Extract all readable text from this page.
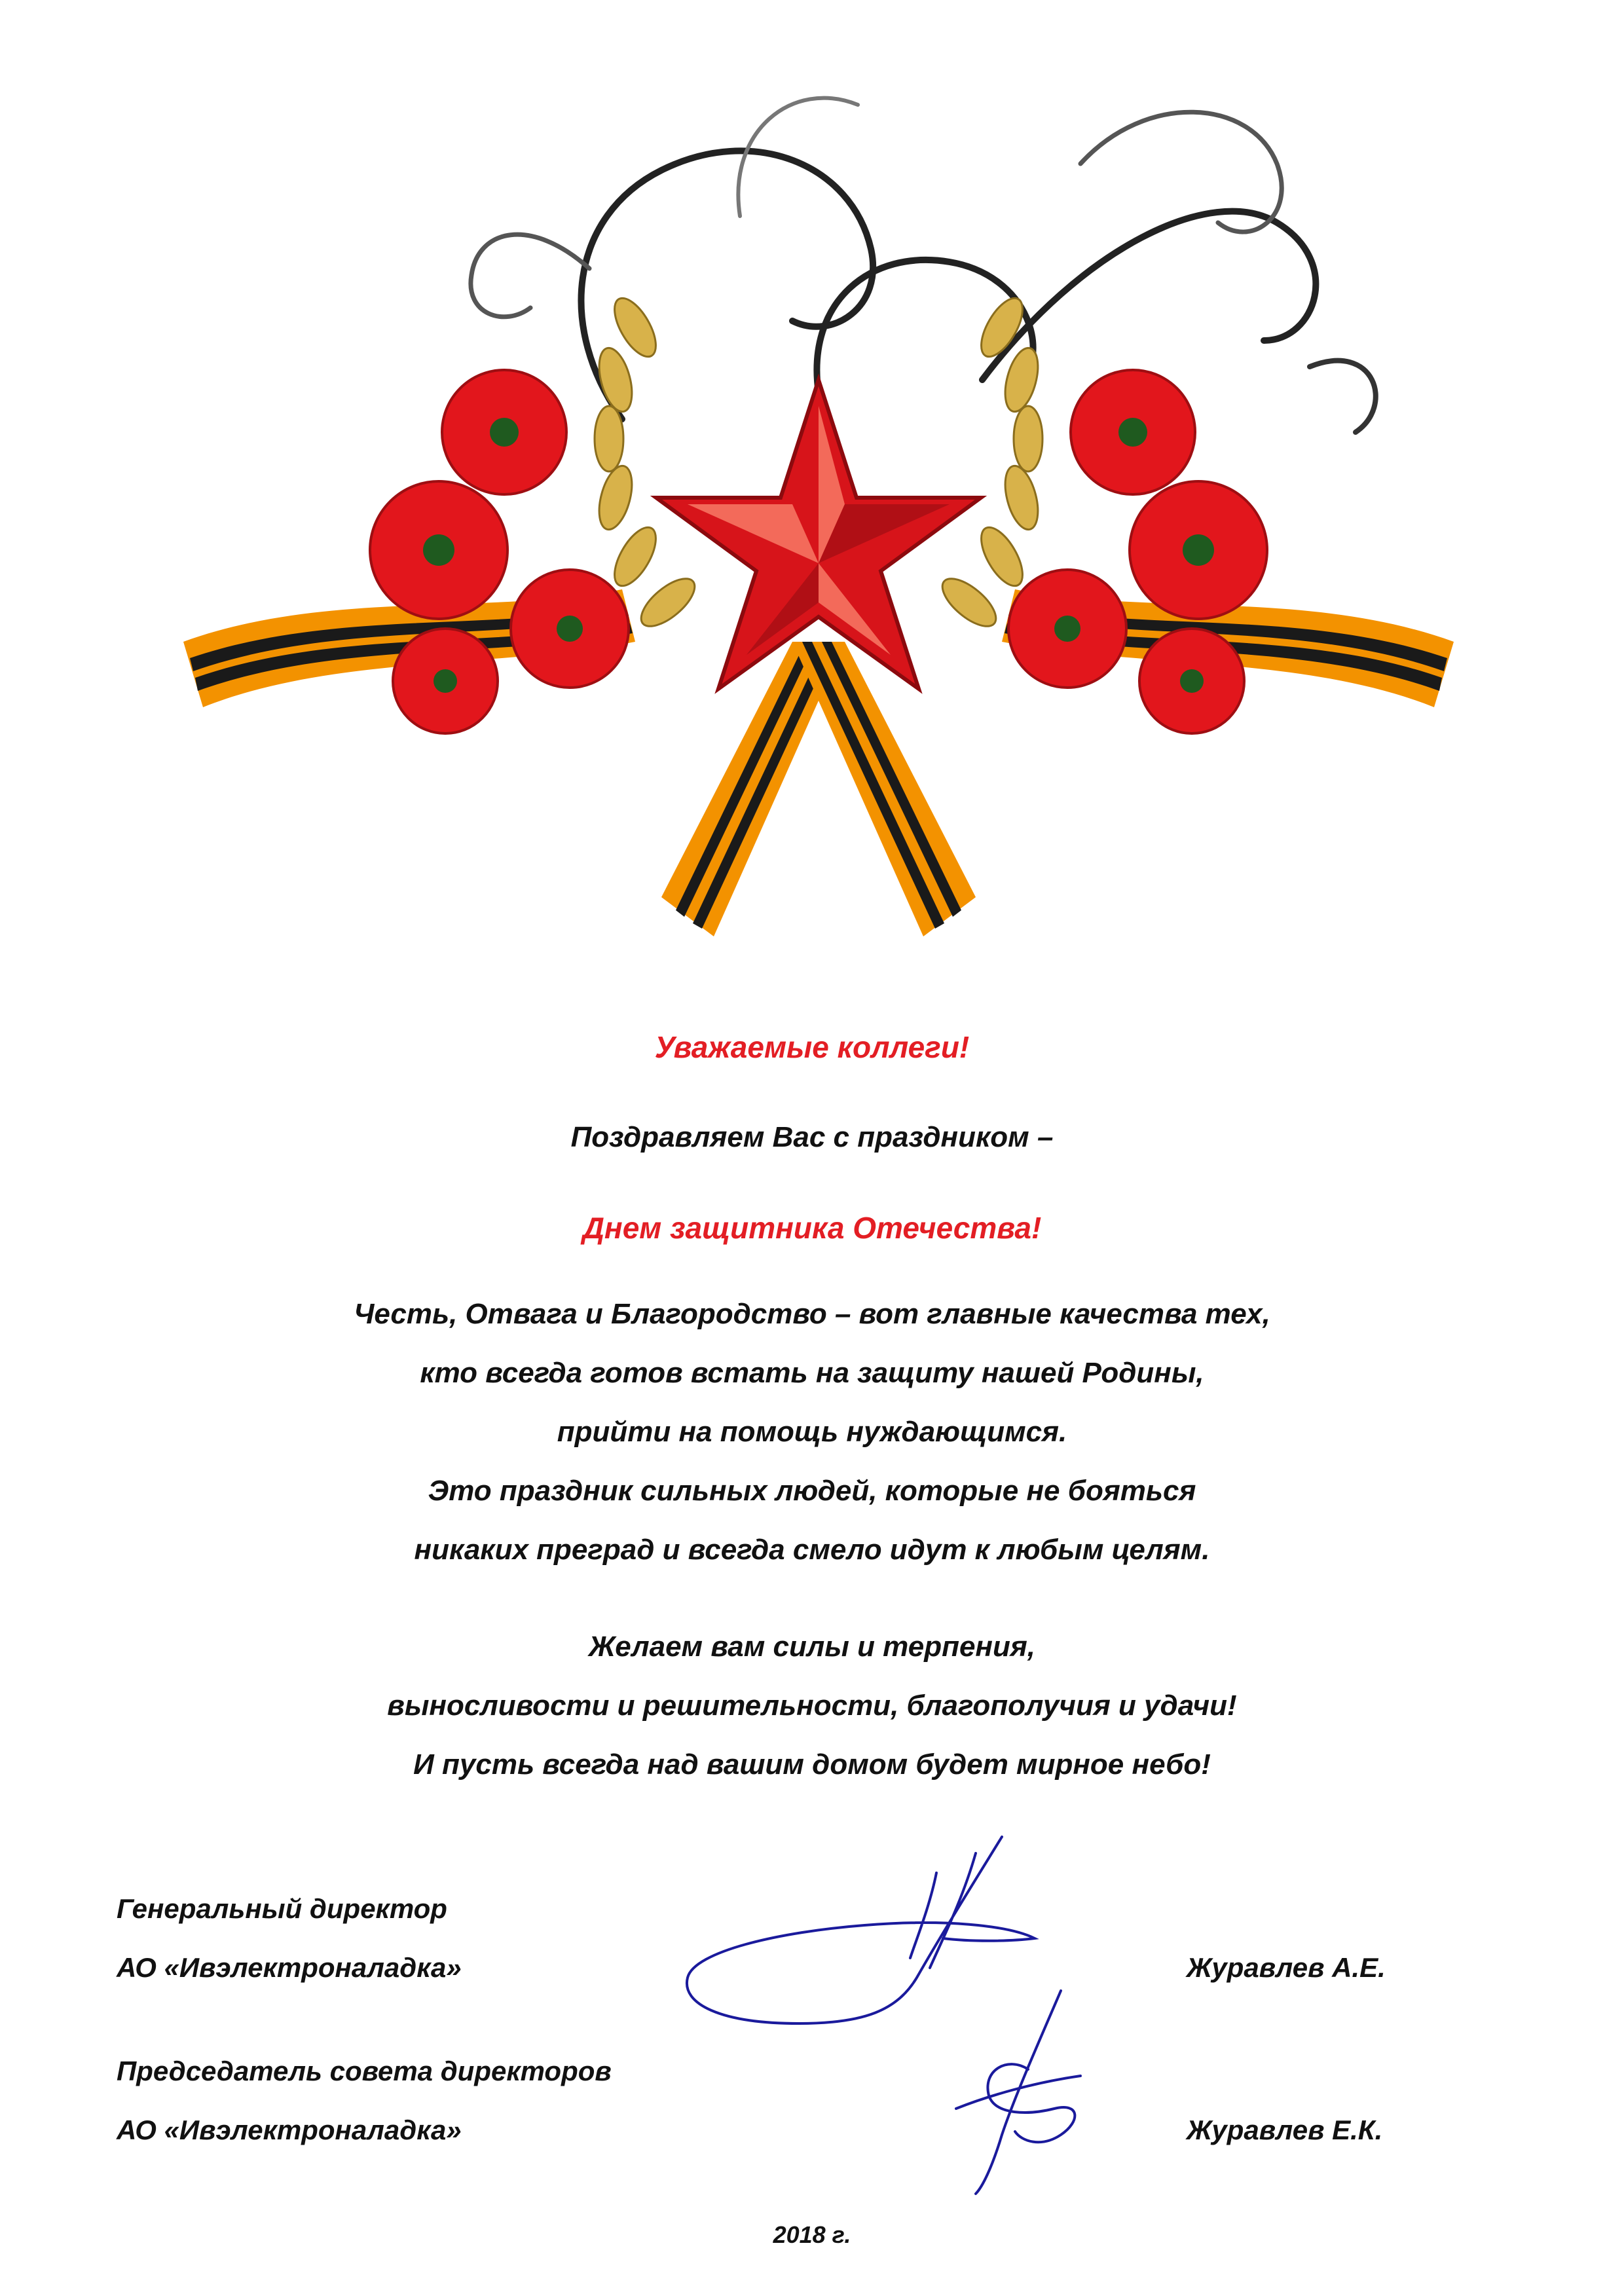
Уважаемые коллеги!
Поздравляем Вас с праздником –
Днем защитника Отечества!
Честь, Отвага и Благородство – вот главные качества тех,
кто всегда готов встать на защиту нашей Родины,
прийти на помощь нуждающимся.
Это праздник сильных людей, которые не бояться
никаких преград и всегда смело идут к любым целям.
Желаем вам силы и терпения,
выносливости и решительности, благополучия и удачи!
И пусть всегда над вашим домом будет мирное небо!
Генеральный директор
АО «Ивэлектроналадка»	Журавлев А.Е.
Председатель совета директоров
АО «Ивэлектроналадка»	Журавлев Е.К.
2018 г.
